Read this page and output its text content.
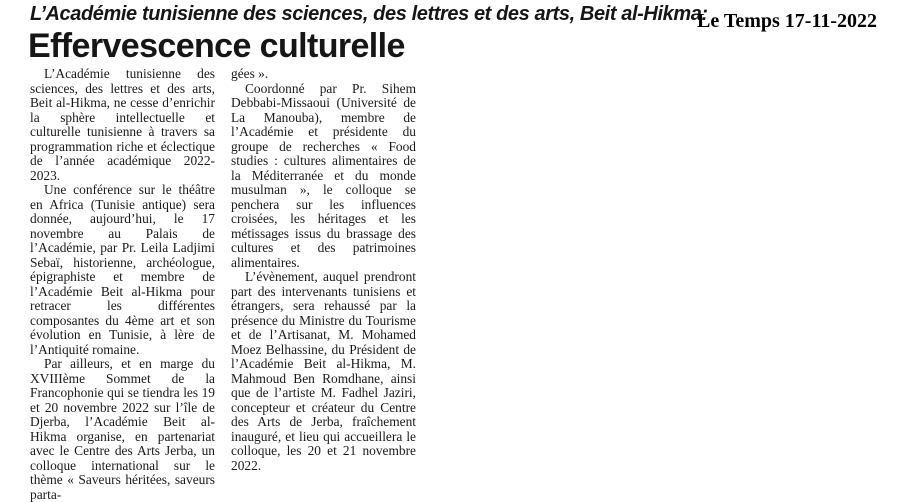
L’Académie tunisienne des sciences, des lettres et des arts, Beit al-Hikma:
Le Temps 17-11-2022
Effervescence culturelle

L’Académie tunisienne des sciences, des lettres et des arts, Beit al-Hikma, ne cesse d’enrichir la sphère intellectuelle et culturelle tunisienne à travers sa programmation riche et éclectique de l’année académique 2022-2023.

Une conférence sur le théâtre en Africa (Tunisie antique) sera donnée, aujourd’hui, le 17 novembre au Palais de l’Académie, par Pr. Leila Ladjimi Sebaï, historienne, archéologue, épigraphiste et membre de l’Académie Beit al-Hikma pour retracer les différentes composantes du 4ème art et son évolution en Tunisie, à lère de l’Antiquité romaine.

Par ailleurs, et en marge du XVIIIème Sommet de la Francophonie qui se tiendra les 19 et 20 novembre 2022 sur l’île de Djerba, l’Académie Beit al-Hikma organise, en partenariat avec le Centre des Arts Jerba, un colloque international sur le thème « Saveurs héritées, saveurs parta-

gées ».

Coordonné par Pr. Sihem Debbabi-Missaoui (Université de La Manouba), membre de l’Académie et présidente du groupe de recherches « Food studies : cultures alimentaires de la Méditerranée et du monde musulman », le colloque se penchera sur les influences croisées, les héritages et les métissages issus du brassage des cultures et des patrimoines alimentaires.

L’évènement, auquel prendront part des intervenants tunisiens et étrangers, sera rehaussé par la présence du Ministre du Tourisme et de l’Artisanat, M. Mohamed Moez Belhassine, du Président de l’Académie Beit al-Hikma, M. Mahmoud Ben Romdhane, ainsi que de l’artiste M. Fadhel Jaziri, concepteur et créateur du Centre des Arts de Jerba, fraîchement inauguré, et lieu qui accueillera le colloque, les 20 et 21 novembre 2022.
